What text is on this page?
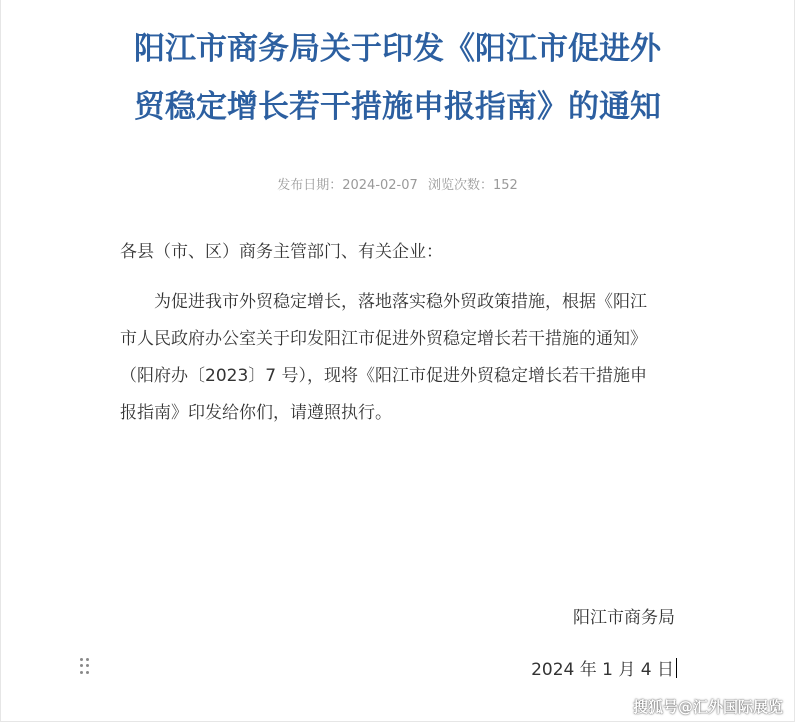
阳江市商务局关于印发《阳江市促进外
贸稳定增长若干措施申报指南》的通知
发布日期：2024-02-07 浏览次数：152
各县（市、区）商务主管部门、有关企业：
为促进我市外贸稳定增长，落地落实稳外贸政策措施，根据《阳江
市人民政府办公室关于印发阳江市促进外贸稳定增长若干措施的通知》
（阳府办〔2023〕7 号），现将《阳江市促进外贸稳定增长若干措施申
报指南》印发给你们，请遵照执行。
阳江市商务局
2024 年 1 月 4 日
搜狐号@汇外国际展览
